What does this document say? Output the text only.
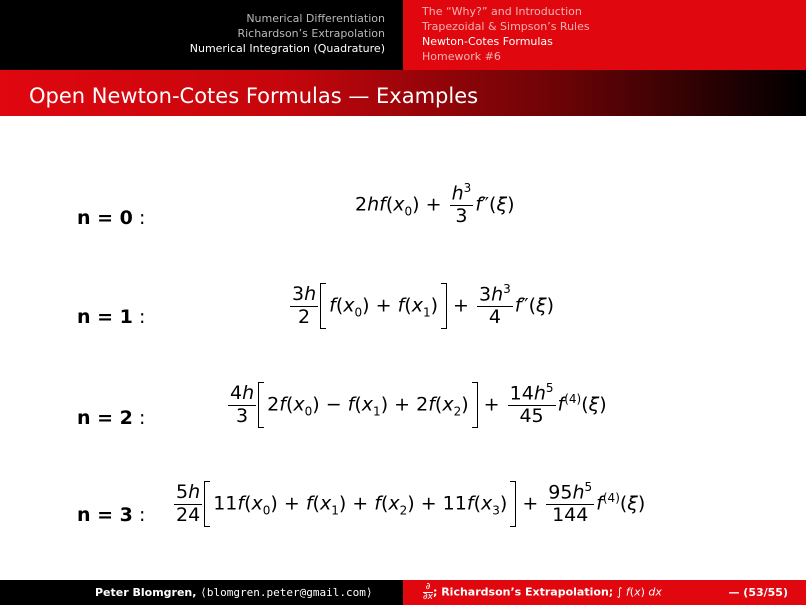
Numerical Differentiation
Richardson’s Extrapolation
Numerical Integration (Quadrature)
The “Why?” and Introduction
Trapezoidal & Simpson’s Rules
Newton-Cotes Formulas
Homework #6
Open Newton-Cotes Formulas — Examples
n = 0 :
n = 1 :
n = 2 :
n = 3 :
$2hf(x_0) + \frac{h^3}{3} f''(\xi)$
$\frac{3h}{2} f(x_0) + f(x_1) + \frac{3h^3}{4} f''(\xi)$
$\frac{4h}{3} 2f(x_0) - f(x_1) + 2f(x_2) + \frac{14h^5}{45} f^{(4)}(\xi)$
$\frac{5h}{24} 11f(x_0) + f(x_1) + f(x_2) + 11f(x_3) + \frac{95h^5}{144} f^{(4)}(\xi)$
Peter Blomgren, ⟨blomgren.peter@gmail.com⟩	∂
∂x ; Richardson’s Extrapolation; ∫ f(x) dx	— (53/55)
